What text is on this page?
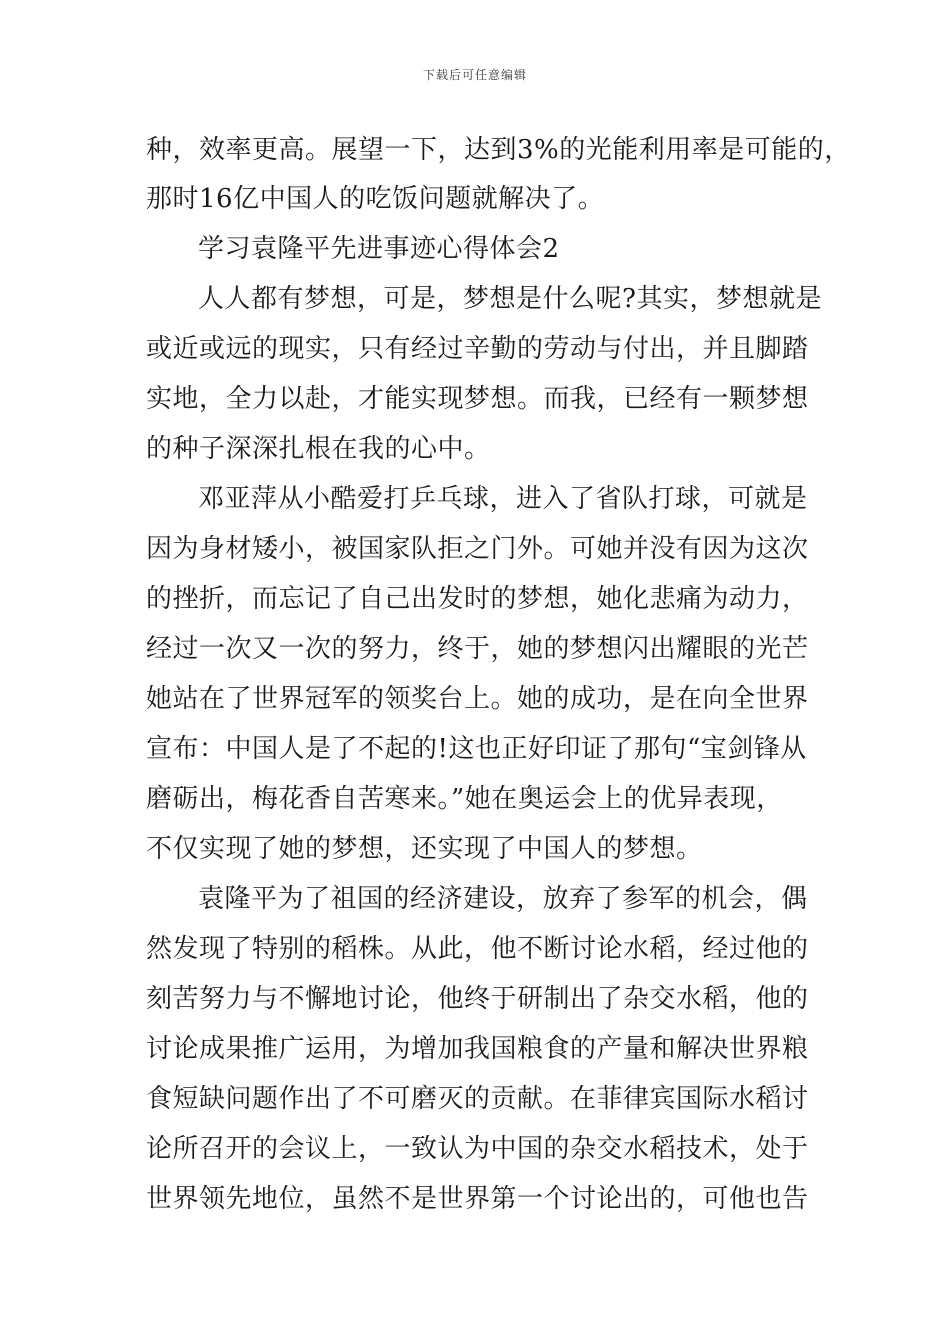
下载后可任意编辑
种，效率更高。展望一下，达到3%的光能利用率是可能的，
那时16亿中国人的吃饭问题就解决了。
学习袁隆平先进事迹心得体会2
人人都有梦想，可是，梦想是什么呢?其实，梦想就是
或近或远的现实，只有经过辛勤的劳动与付出，并且脚踏
实地，全力以赴，才能实现梦想。而我，已经有一颗梦想
的种子深深扎根在我的心中。
邓亚萍从小酷爱打乒乓球，进入了省队打球，可就是
因为身材矮小，被国家队拒之门外。可她并没有因为这次
的挫折，而忘记了自己出发时的梦想，她化悲痛为动力，
经过一次又一次的努力，终于，她的梦想闪出耀眼的光芒
她站在了世界冠军的领奖台上。她的成功，是在向全世界
宣布：中国人是了不起的!这也正好印证了那句“宝剑锋从
磨砺出，梅花香自苦寒来。”她在奥运会上的优异表现，
不仅实现了她的梦想，还实现了中国人的梦想。
袁隆平为了祖国的经济建设，放弃了参军的机会，偶
然发现了特别的稻株。从此，他不断讨论水稻，经过他的
刻苦努力与不懈地讨论，他终于研制出了杂交水稻，他的
讨论成果推广运用，为增加我国粮食的产量和解决世界粮
食短缺问题作出了不可磨灭的贡献。在菲律宾国际水稻讨
论所召开的会议上，一致认为中国的杂交水稻技术，处于
世界领先地位，虽然不是世界第一个讨论出的，可他也告
